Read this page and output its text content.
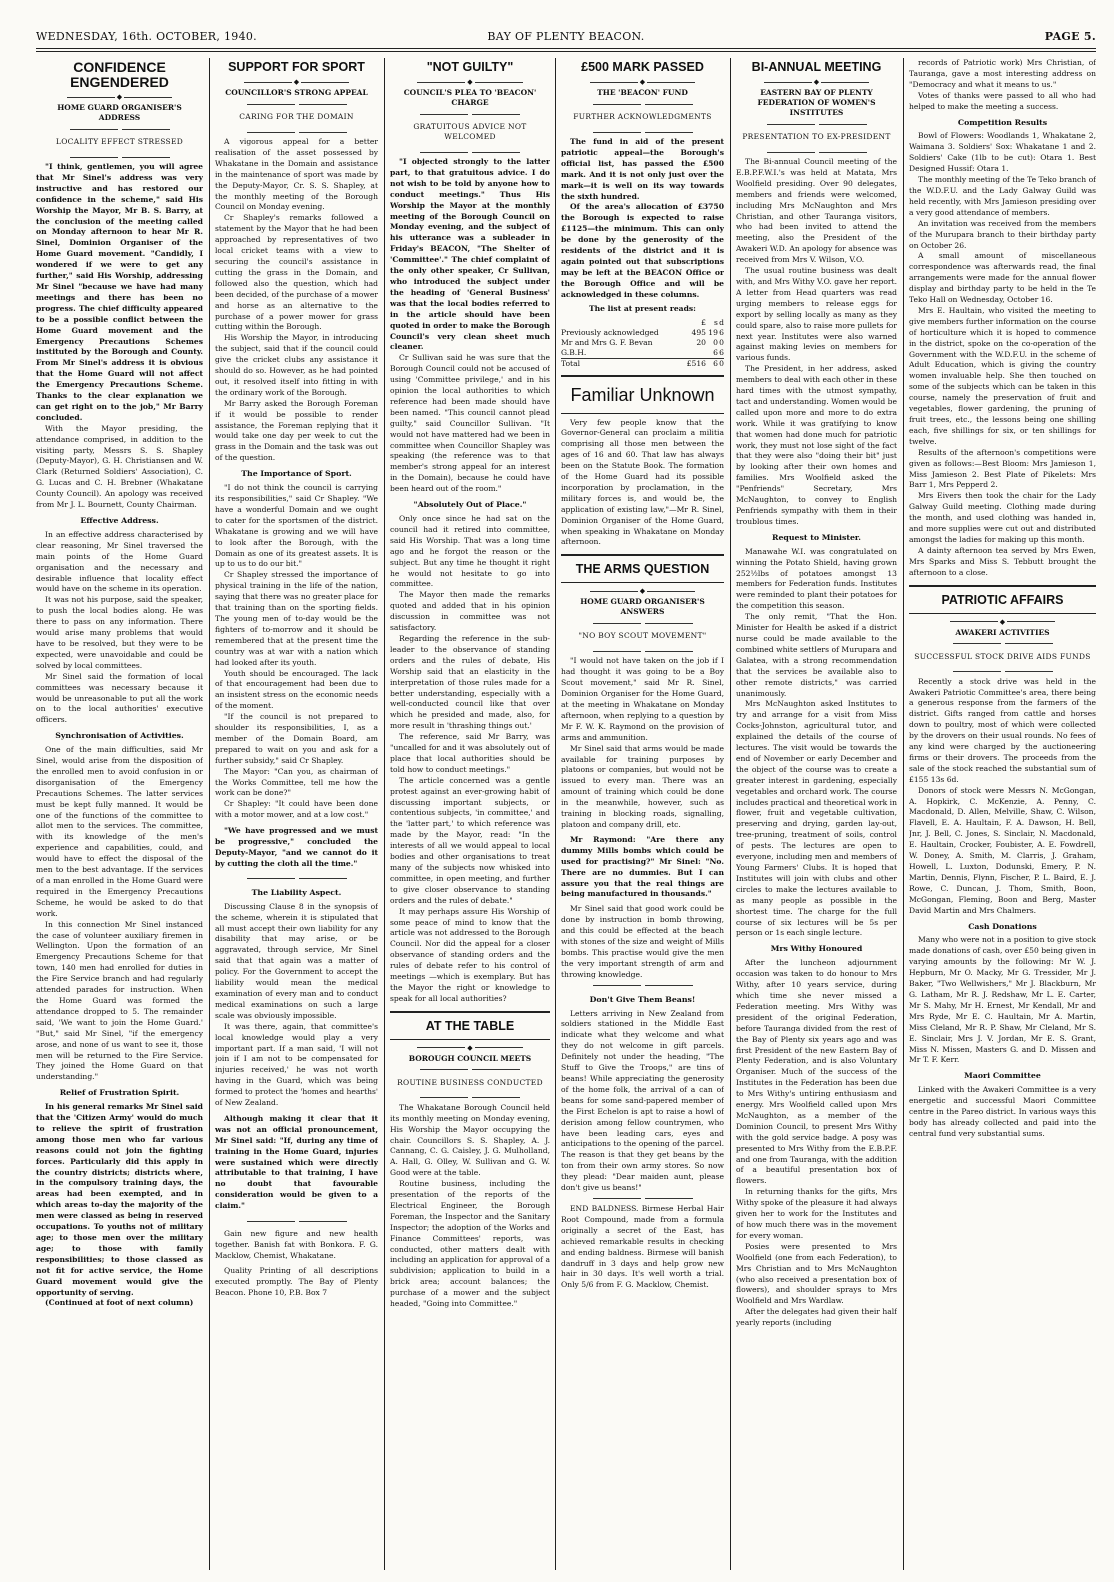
WEDNESDAY, 16th. OCTOBER, 1940.	BAY OF PLENTY BEACON.	PAGE 5.
CONFIDENCE ENGENDERED
◆
HOME GUARD ORGANISER'S ADDRESS
LOCALITY EFFECT STRESSED

"I think, gentlemen, you will agree that Mr Sinel's address was very instructive and has restored our confidence in the scheme," said His Worship the Mayor, Mr B. S. Barry, at the conclusion of the meeting called on Monday afternoon to hear Mr R. Sinel, Dominion Organiser of the Home Guard movement. "Candidly, I wondered if we were to get any further," said His Worship, addressing Mr Sinel "because we have had many meetings and there has been no progress. The chief difficulty appeared to be a possible conflict between the Home Guard movement and the Emergency Precautions Schemes instituted by the Borough and County. From Mr Sinel's address it is obvious that the Home Guard will not affect the Emergency Precautions Scheme. Thanks to the clear explanation we can get right on to the job," Mr Barry concluded.

With the Mayor presiding, the attendance comprised, in addition to the visiting party, Messrs S. S. Shapley (Deputy-Mayor), G. H. Christiansen and W. Clark (Returned Soldiers' Association), C. G. Lucas and C. H. Brebner (Whakatane County Council). An apology was received from Mr J. L. Bournett, County Chairman.

Effective Address.

In an effective address characterised by clear reasoning, Mr Sinel traversed the main points of the Home Guard organisation and the necessary and desirable influence that locality effect would have on the scheme in its operation.

It was not his purpose, said the speaker, to push the local bodies along. He was there to pass on any information. There would arise many problems that would have to be resolved, but they were to be expected, were unavoidable and could be solved by local committees.

Mr Sinel said the formation of local committees was necessary because it would be unreasonable to put all the work on to the local authorities' executive officers.

Synchronisation of Activities.

One of the main difficulties, said Mr Sinel, would arise from the disposition of the enrolled men to avoid confusion in or disorganisation of the Emergency Precautions Schemes. The latter services must be kept fully manned. It would be one of the functions of the committee to allot men to the services. The committee, with its knowledge of the men's experience and capabilities, could, and would have to effect the disposal of the men to the best advantage. If the services of a man enrolled in the Home Guard were required in the Emergency Precautions Scheme, he would be asked to do that work.

In this connection Mr Sinel instanced the case of volunteer auxiliary firemen in Wellington. Upon the formation of an Emergency Precautions Scheme for that town, 140 men had enrolled for duties in the Fire Service branch and had regularly attended parades for instruction. When the Home Guard was formed the attendance dropped to 5. The remainder said, 'We want to join the Home Guard.' "But," said Mr Sinel, "if the emergency arose, and none of us want to see it, those men will be returned to the Fire Service. They joined the Home Guard on that understanding."

Relief of Frustration Spirit.

In his general remarks Mr Sinel said that the 'Citizen Army' would do much to relieve the spirit of frustration among those men who far various reasons could not join the fighting forces. Particularly did this apply in the country districts; districts where, in the compulsory training days, the areas had been exempted, and in which areas to-day the majority of the men were classed as being in reserved occupations. To youths not of military age; to those men over the military age; to those with family responsibilities; to those classed as not fit for active service, the Home Guard movement would give the opportunity of serving.

(Continued at foot of next column)

SUPPORT FOR SPORT
◆
COUNCILLOR'S STRONG APPEAL
CARING FOR THE DOMAIN

A vigorous appeal for a better realisation of the asset possessed by Whakatane in the Domain and assistance in the maintenance of sport was made by the Deputy-Mayor, Cr. S. S. Shapley, at the monthly meeting of the Borough Council on Monday evening.

Cr Shapley's remarks followed a statement by the Mayor that he had been approached by representatives of two local cricket teams with a view to securing the council's assistance in cutting the grass in the Domain, and followed also the question, which had been decided, of the purchase of a mower and horse as an alternative to the purchase of a power mower for grass cutting within the Borough.

His Worship the Mayor, in introducing the subject, said that if the council could give the cricket clubs any assistance it should do so. However, as he had pointed out, it resolved itself into fitting in with the ordinary work of the Borough.

Mr Barry asked the Borough Foreman if it would be possible to render assistance, the Foreman replying that it would take one day per week to cut the grass in the Domain and the task was out of the question.

The Importance of Sport.

"I do not think the council is carrying its responsibilities," said Cr Shapley. "We have a wonderful Domain and we ought to cater for the sportsmen of the district. Whakatane is growing and we will have to look after the Borough, with the Domain as one of its greatest assets. It is up to us to do our bit."

Cr Shapley stressed the importance of physical training in the life of the nation, saying that there was no greater place for that training than on the sporting fields. The young men of to-day would be the fighters of to-morrow and it should be remembered that at the present time the country was at war with a nation which had looked after its youth.

Youth should be encouraged. The lack of that encouragement had been due to an insistent stress on the economic needs of the moment.

"If the council is not prepared to shoulder its responsibilities, I, as a member of the Domain Board, am prepared to wait on you and ask for a further subsidy," said Cr Shapley.

The Mayor: "Can you, as chairman of the Works Committee, tell me how the work can be done?"

Cr Shapley: "It could have been done with a motor mower, and at a low cost."

"We have progressed and we must be progressive," concluded the Deputy-Mayor, "and we cannot do it by cutting the cloth all the time."

The Liability Aspect.

Discussing Clause 8 in the synopsis of the scheme, wherein it is stipulated that all must accept their own liability for any disability that may arise, or be aggravated, through service, Mr Sinel said that that again was a matter of policy. For the Government to accept the liability would mean the medical examination of every man and to conduct medical examinations on such a large scale was obviously impossible.

It was there, again, that committee's local knowledge would play a very important part. If a man said, 'I will not join if I am not to be compensated for injuries received,' he was not worth having in the Guard, which was being formed to protect the 'homes and hearths' of New Zealand.

Although making it clear that it was not an official pronouncement, Mr Sinel said: "If, during any time of training in the Home Guard, injuries were sustained which were directly attributable to that training, I have no doubt that favourable consideration would be given to a claim."

Gain new figure and new health together. Banish fat with Bonkora. F. G. Macklow, Chemist, Whakatane.

Quality Printing of all descriptions executed promptly. The Bay of Plenty Beacon. Phone 10, P.B. Box 7

"NOT GUILTY"
◆
COUNCIL'S PLEA TO 'BEACON' CHARGE
GRATUITOUS ADVICE NOT WELCOMED

"I objected strongly to the latter part, to that gratuitous advice. I do not wish to be told by anyone how to conduct meetings." Thus His Worship the Mayor at the monthly meeting of the Borough Council on Monday evening, and the subject of his utterance was a subleader in Friday's BEACON, "The Shelter of 'Committee'." The chief complaint of the only other speaker, Cr Sullivan, who introduced the subject under the heading of 'General Business' was that the local bodies referred to in the article should have been quoted in order to make the Borough Council's very clean sheet much cleaner.

Cr Sullivan said he was sure that the Borough Council could not be accused of using 'Committee privilege,' and in his opinion the local authorities to which reference had been made should have been named. "This council cannot plead guilty," said Councillor Sullivan. "It would not have mattered had we been in committee when Councillor Shapley was speaking (the reference was to that member's strong appeal for an interest in the Domain), because he could have been heard out of the room."

"Absolutely Out of Place."

Only once since he had sat on the council had it retired into committee, said His Worship. That was a long time ago and he forgot the reason or the subject. But any time he thought it right he would not hesitate to go into committee.

The Mayor then made the remarks quoted and added that in his opinion discussion in committee was not satisfactory.

Regarding the reference in the sub-leader to the observance of standing orders and the rules of debate, His Worship said that an elasticity in the interpretation of those rules made for a better understanding, especially with a well-conducted council like that over which he presided and made, also, for more result in 'thrashing things out.'

The reference, said Mr Barry, was "uncalled for and it was absolutely out of place that local authorities should be told how to conduct meetings."

The article concerned was a gentle protest against an ever-growing habit of discussing important subjects, or contentious subjects, 'in committee,' and the 'latter part,' to which reference was made by the Mayor, read: "In the interests of all we would appeal to local bodies and other organisations to treat many of the subjects now whisked into committee, in open meeting, and further to give closer observance to standing orders and the rules of debate."

It may perhaps assure His Worship of some peace of mind to know that the article was not addressed to the Borough Council. Nor did the appeal for a closer observance of standing orders and the rules of debate refer to his control of meetings —which is exemplary. But has the Mayor the right or knowledge to speak for all local authorities?

AT THE TABLE
◆
BOROUGH COUNCIL MEETS
ROUTINE BUSINESS CONDUCTED

The Whakatane Borough Council held its monthly meeting on Monday evening, His Worship the Mayor occupying the chair. Councillors S. S. Shapley, A. J. Cannang, C. G. Caisley, J. G. Mulholland, A. Hall, G. Olley, W. Sullivan and G. W. Good were at the table.

Routine business, including the presentation of the reports of the Electrical Engineer, the Borough Foreman, the Inspector and the Sanitary Inspector; the adoption of the Works and Finance Committees' reports, was conducted, other matters dealt with including an application for approval of a subdivision; application to build in a brick area; account balances; the purchase of a mower and the subject headed, "Going into Committee."

£500 MARK PASSED
◆
THE 'BEACON' FUND
FURTHER ACKNOWLEDGMENTS

The fund in aid of the present patriotic appeal—the Borough's official list, has passed the £500 mark. And it is not only just over the mark—it is well on its way towards the sixth hundred.

Of the area's allocation of £3750 the Borough is expected to raise £1125—the minimum. This can only be done by the generosity of the residents of the district and it is again pointed out that subscriptions may be left at the BEACON Office or the Borough Office and will be acknowledged in these columns.

The list at present reads:

	£	s	d
Previously acknowledged	495	19	6
Mr and Mrs G. F. Bevan	20	0	0
G.B.H.		6	6
Total	£516	6	0
Familiar Unknown

Very few people know that the Governor-General can proclaim a militia comprising all those men between the ages of 16 and 60. That law has always been on the Statute Book. The formation of the Home Guard had its possible incorporation by proclamation, in the military forces is, and would be, the application of existing law,"—Mr R. Sinel, Dominion Organiser of the Home Guard, when speaking in Whakatane on Monday afternoon.

THE ARMS QUESTION
◆
HOME GUARD ORGANISER'S ANSWERS
"NO BOY SCOUT MOVEMENT"

"I would not have taken on the job if I had thought it was going to be a Boy Scout movement," said Mr R. Sinel, Dominion Organiser for the Home Guard, at the meeting in Whakatane on Monday afternoon, when replying to a question by Mr F. W. K. Raymond on the provision of arms and ammunition.

Mr Sinel said that arms would be made available for training purposes by platoons or companies, but would not be issued to every man. There was an amount of training which could be done in the meanwhile, however, such as training in blocking roads, signalling, platoon and company drill, etc.

Mr Raymond: "Are there any dummy Mills bombs which could be used for practising?" Mr Sinel: "No. There are no dummies. But I can assure you that the real things are being manufactured in thousands."

Mr Sinel said that good work could be done by instruction in bomb throwing, and this could be effected at the beach with stones of the size and weight of Mills bombs. This practise would give the men the very important strength of arm and throwing knowledge.

Don't Give Them Beans!

Letters arriving in New Zealand from soldiers stationed in the Middle East indicate what they welcome and what they do not welcome in gift parcels. Definitely not under the heading, "The Stuff to Give the Troops," are tins of beans! While appreciating the generosity of the home folk, the arrival of a can of beans for some sand-papered member of the First Echelon is apt to raise a howl of derision among fellow countrymen, who have been leading cars, eyes and anticipations to the opening of the parcel. The reason is that they get beans by the ton from their own army stores. So now they plead: "Dear maiden aunt, please don't give us beans!"

END BALDNESS. Birmese Herbal Hair Root Compound, made from a formula originally a secret of the East, has achieved remarkable results in checking and ending baldness. Birmese will banish dandruff in 3 days and help grow new hair in 30 days. It's well worth a trial. Only 5/6 from F. G. Macklow, Chemist.

BI-ANNUAL MEETING
◆
EASTERN BAY OF PLENTY FEDERATION OF WOMEN'S INSTITUTES
PRESENTATION TO EX-PRESIDENT

The Bi-annual Council meeting of the E.B.P.F.W.I.'s was held at Matata, Mrs Woolfield presiding. Over 90 delegates, members and friends were welcomed, including Mrs McNaughton and Mrs Christian, and other Tauranga visitors, who had been invited to attend the meeting, also the President of the Awakeri W.D. An apology for absence was received from Mrs V. Wilson, V.O.

The usual routine business was dealt with, and Mrs Withy V.O. gave her report. A letter from Head quarters was read urging members to release eggs for export by selling locally as many as they could spare, also to raise more pullets for next year. Institutes were also warned against making levies on members for various funds.

The President, in her address, asked members to deal with each other in these hard times with the utmost sympathy, tact and understanding. Women would be called upon more and more to do extra work. While it was gratifying to know that women had done much for patriotic work, they must not lose sight of the fact that they were also "doing their bit" just by looking after their own homes and families. Mrs Woolfield asked the "Penfriends" Secretary, Mrs McNaughton, to convey to English Penfriends sympathy with them in their troublous times.

Request to Minister.

Manawahe W.I. was congratulated on winning the Potato Shield, having grown 252½lbs of potatoes amongst 13 members for Federation funds. Institutes were reminded to plant their potatoes for the competition this season.

The only remit, "That the Hon. Minister for Health be asked if a district nurse could be made available to the combined white settlers of Murupara and Galatea, with a strong recommendation that the services be available also to other remote districts," was carried unanimously.

Mrs McNaughton asked Institutes to try and arrange for a visit from Miss Cocks-Johnston, agricultural tutor, and explained the details of the course of lectures. The visit would be towards the end of November or early December and the object of the course was to create a greater interest in gardening, especially vegetables and orchard work. The course includes practical and theoretical work in flower, fruit and vegetable cultivation, preserving and drying, garden lay-out, tree-pruning, treatment of soils, control of pests. The lectures are open to everyone, including men and members of Young Farmers' Clubs. It is hoped that Institutes will join with clubs and other circles to make the lectures available to as many people as possible in the shortest time. The charge for the full course of six lectures will be 5s per person or 1s each single lecture.

Mrs Withy Honoured

After the luncheon adjournment occasion was taken to do honour to Mrs Withy, after 10 years service, during which time she never missed a Federation meeting. Mrs Withy was president of the original Federation, before Tauranga divided from the rest of the Bay of Plenty six years ago and was first President of the new Eastern Bay of Plenty Federation, and is also Voluntary Organiser. Much of the success of the Institutes in the Federation has been due to Mrs Withy's untiring enthusiasm and energy. Mrs Woolfield called upon Mrs McNaughton, as a member of the Dominion Council, to present Mrs Withy with the gold service badge. A posy was presented to Mrs Withy from the E.B.P.F. and one from Tauranga, with the addition of a beautiful presentation box of flowers.

In returning thanks for the gifts, Mrs Withy spoke of the pleasure it had always given her to work for the Institutes and of how much there was in the movement for every woman.

Posies were presented to Mrs Woolfield (one from each Federation), to Mrs Christian and to Mrs McNaughton (who also received a presentation box of flowers), and shoulder sprays to Mrs Woolfield and Mrs Wardlaw.

After the delegates had given their half yearly reports (including

records of Patriotic work) Mrs Christian, of Tauranga, gave a most interesting address on "Democracy and what it means to us."

Votes of thanks were passed to all who had helped to make the meeting a success.

Competition Results

Bowl of Flowers: Woodlands 1, Whakatane 2, Waimana 3. Soldiers' Sox: Whakatane 1 and 2. Soldiers' Cake (1lb to be cut): Otara 1. Best Designed Hussif: Otara 1.

The monthly meeting of the Te Teko branch of the W.D.F.U. and the Lady Galway Guild was held recently, with Mrs Jamieson presiding over a very good attendance of members.

An invitation was received from the members of the Murupara branch to their birthday party on October 26.

A small amount of miscellaneous correspondence was afterwards read, the final arrangements were made for the annual flower display and birthday party to be held in the Te Teko Hall on Wednesday, October 16.

Mrs E. Haultain, who visited the meeting to give members further information on the course of horticulture which it is hoped to commence in the district, spoke on the co-operation of the Government with the W.D.F.U. in the scheme of Adult Education, which is giving the country women invaluable help. She then touched on some of the subjects which can be taken in this course, namely the preservation of fruit and vegetables, flower gardening, the pruning of fruit trees, etc., the lessons being one shilling each, five shillings for six, or ten shillings for twelve.

Results of the afternoon's competitions were given as follows:—Best Bloom: Mrs Jamieson 1, Miss Jamieson 2. Best Plate of Pikelets: Mrs Barr 1, Mrs Pepperd 2.

Mrs Eivers then took the chair for the Lady Galway Guild meeting. Clothing made during the month, and used clothing was handed in, and more supplies were cut out and distributed amongst the ladies for making up this month.

A dainty afternoon tea served by Mrs Ewen, Mrs Sparks and Miss S. Tebbutt brought the afternoon to a close.

PATRIOTIC AFFAIRS
◆
AWAKERI ACTIVITIES
SUCCESSFUL STOCK DRIVE AIDS FUNDS

Recently a stock drive was held in the Awakeri Patriotic Committee's area, there being a generous response from the farmers of the district. Gifts ranged from cattle and horses down to poultry, most of which were collected by the drovers on their usual rounds. No fees of any kind were charged by the auctioneering firms or their drovers. The proceeds from the sale of the stock reached the substantial sum of £155 13s 6d.

Donors of stock were Messrs N. McGongan, A. Hopkirk, C. McKenzie, A. Penny, C. Macdonald, D. Allen, Melville, Shaw, C. Wilson, Flavell, E. A. Haultain, F. A. Dawson, H. Bell, Jnr, J. Bell, C. Jones, S. Sinclair, N. Macdonald, E. Haultain, Crocker, Foubister, A. E. Fowdrell, W. Doney, A. Smith, M. Clarris, J. Graham, Howell, L. Luxton, Dodunski, Emery, P. N. Martin, Dennis, Flynn, Fischer, P. L. Baird, E. J. Rowe, C. Duncan, J. Thom, Smith, Boon, McGongan, Fleming, Boon and Berg, Master David Martin and Mrs Chalmers.

Cash Donations

Many who were not in a position to give stock made donations of cash, over £50 being given in varying amounts by the following: Mr W. J. Hepburn, Mr O. Macky, Mr G. Tressider, Mr J. Baker, "Two Wellwishers," Mr J. Blackburn, Mr G. Latham, Mr R. J. Redshaw, Mr L. E. Carter, Mr S. Mahy, Mr H. Ernest, Mr Kendall, Mr and Mrs Ryde, Mr E. C. Haultain, Mr A. Martin, Miss Cleland, Mr R. P. Shaw, Mr Cleland, Mr S. E. Sinclair, Mrs J. V. Jordan, Mr E. S. Grant, Miss N. Missen, Masters G. and D. Missen and Mr T. F. Kerr.

Maori Committee

Linked with the Awakeri Committee is a very energetic and successful Maori Committee centre in the Pareo district. In various ways this body has already collected and paid into the central fund very substantial sums.
